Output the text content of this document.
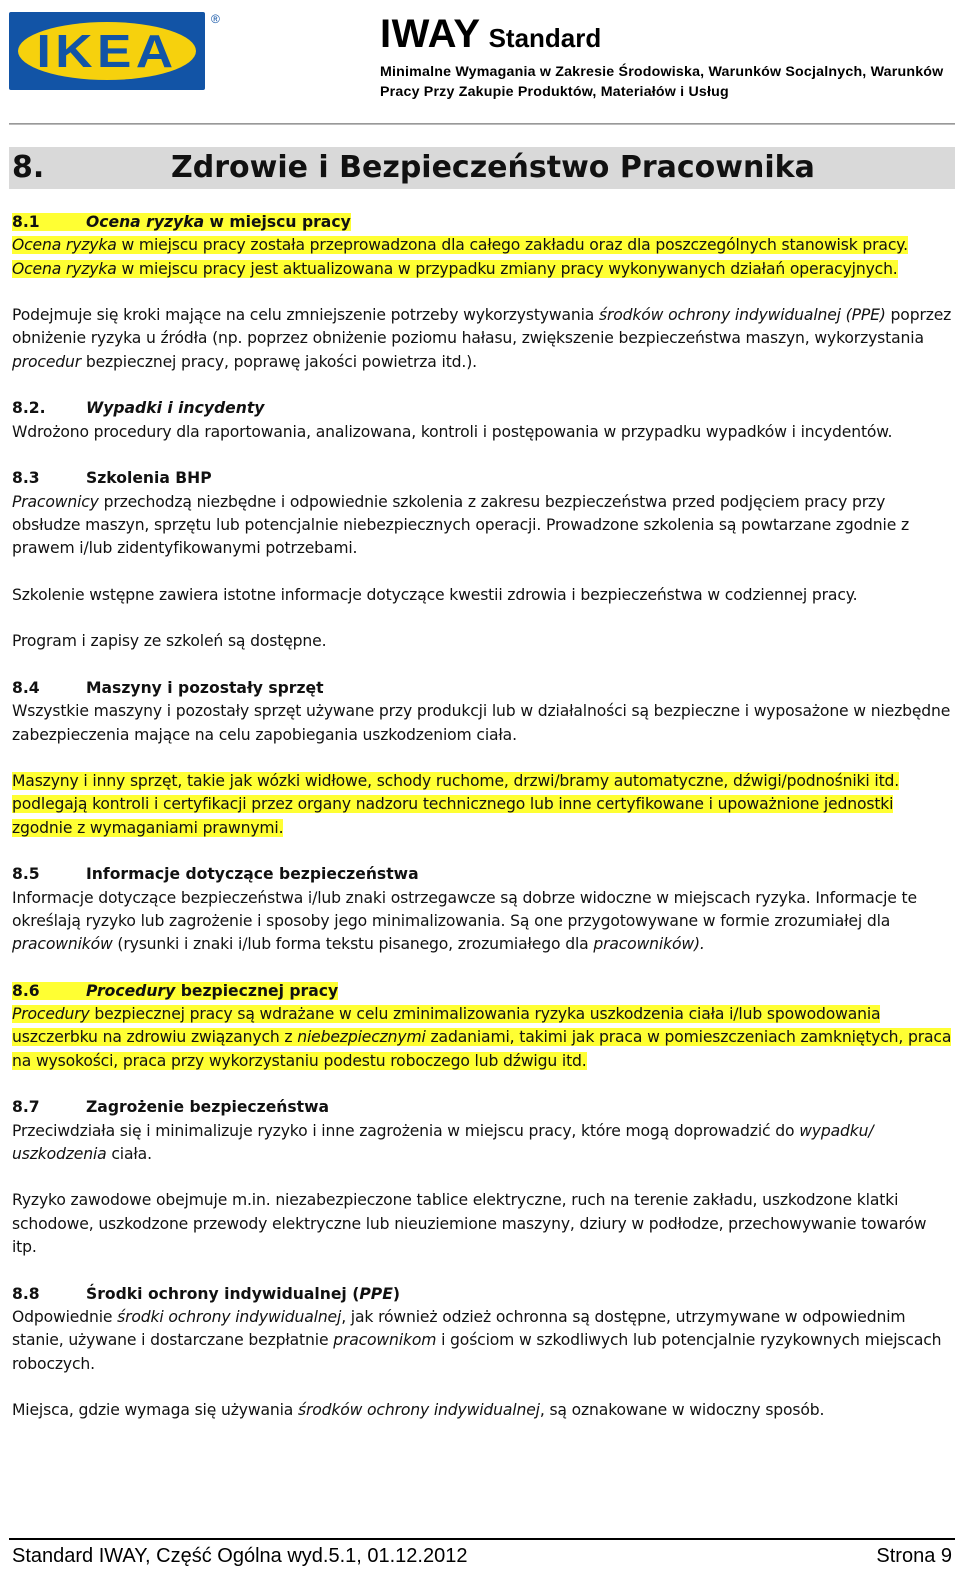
IKEA
®	IWAY Standard
Minimalne Wymagania w Zakresie Środowiska, Warunków Socjalnych, Warunków Pracy Przy Zakupie Produktów, Materiałów i Usług
8.	Zdrowie i Bezpieczeństwo Pracownika
8.1	Ocena ryzyka w miejscu pracy

Ocena ryzyka w miejscu pracy została przeprowadzona dla całego zakładu oraz dla poszczególnych stanowisk pracy. Ocena ryzyka w miejscu pracy jest aktualizowana w przypadku zmiany pracy wykonywanych działań operacyjnych.

Podejmuje się kroki mające na celu zmniejszenie potrzeby wykorzystywania środków ochrony indywidualnej (PPE) poprzez obniżenie ryzyka u źródła (np. poprzez obniżenie poziomu hałasu, zwiększenie bezpieczeństwa maszyn, wykorzystania procedur bezpiecznej pracy, poprawę jakości powietrza itd.).

8.2.	Wypadki i incydenty

Wdrożono procedury dla raportowania, analizowana, kontroli i postępowania w przypadku wypadków i incydentów.

8.3	Szkolenia BHP

Pracownicy przechodzą niezbędne i odpowiednie szkolenia z zakresu bezpieczeństwa przed podjęciem pracy przy obsłudze maszyn, sprzętu lub potencjalnie niebezpiecznych operacji. Prowadzone szkolenia są powtarzane zgodnie z prawem i/lub zidentyfikowanymi potrzebami.

Szkolenie wstępne zawiera istotne informacje dotyczące kwestii zdrowia i bezpieczeństwa w codziennej pracy.

Program i zapisy ze szkoleń są dostępne.

8.4	Maszyny i pozostały sprzęt

Wszystkie maszyny i pozostały sprzęt używane przy produkcji lub w działalności są bezpieczne i wyposażone w niezbędne zabezpieczenia mające na celu zapobiegania uszkodzeniom ciała.

Maszyny i inny sprzęt, takie jak wózki widłowe, schody ruchome, drzwi/bramy automatyczne, dźwigi/podnośniki itd. podlegają kontroli i certyfikacji przez organy nadzoru technicznego lub inne certyfikowane i upoważnione jednostki zgodnie z wymaganiami prawnymi.

8.5	Informacje dotyczące bezpieczeństwa

Informacje dotyczące bezpieczeństwa i/lub znaki ostrzegawcze są dobrze widoczne w miejscach ryzyka. Informacje te określają ryzyko lub zagrożenie i sposoby jego minimalizowania. Są one przygotowywane w formie zrozumiałej dla pracowników (rysunki i znaki i/lub forma tekstu pisanego, zrozumiałego dla pracowników).

8.6	Procedury bezpiecznej pracy

Procedury bezpiecznej pracy są wdrażane w celu zminimalizowania ryzyka uszkodzenia ciała i/lub spowodowania uszczerbku na zdrowiu związanych z niebezpiecznymi zadaniami, takimi jak praca w pomieszczeniach zamkniętych, praca na wysokości, praca przy wykorzystaniu podestu roboczego lub dźwigu itd.

8.7	Zagrożenie bezpieczeństwa

Przeciwdziała się i minimalizuje ryzyko i inne zagrożenia w miejscu pracy, które mogą doprowadzić do wypadku/ uszkodzenia ciała.

Ryzyko zawodowe obejmuje m.in. niezabezpieczone tablice elektryczne, ruch na terenie zakładu, uszkodzone klatki schodowe, uszkodzone przewody elektryczne lub nieuziemione maszyny, dziury w podłodze, przechowywanie towarów itp.

8.8	Środki ochrony indywidualnej (PPE)

Odpowiednie środki ochrony indywidualnej, jak również odzież ochronna są dostępne, utrzymywane w odpowiednim stanie, używane i dostarczane bezpłatnie pracownikom i gościom w szkodliwych lub potencjalnie ryzykownych miejscach roboczych.

Miejsca, gdzie wymaga się używania środków ochrony indywidualnej, są oznakowane w widoczny sposób.

Standard IWAY, Część Ogólna wyd.5.1, 01.12.2012	Strona 9
